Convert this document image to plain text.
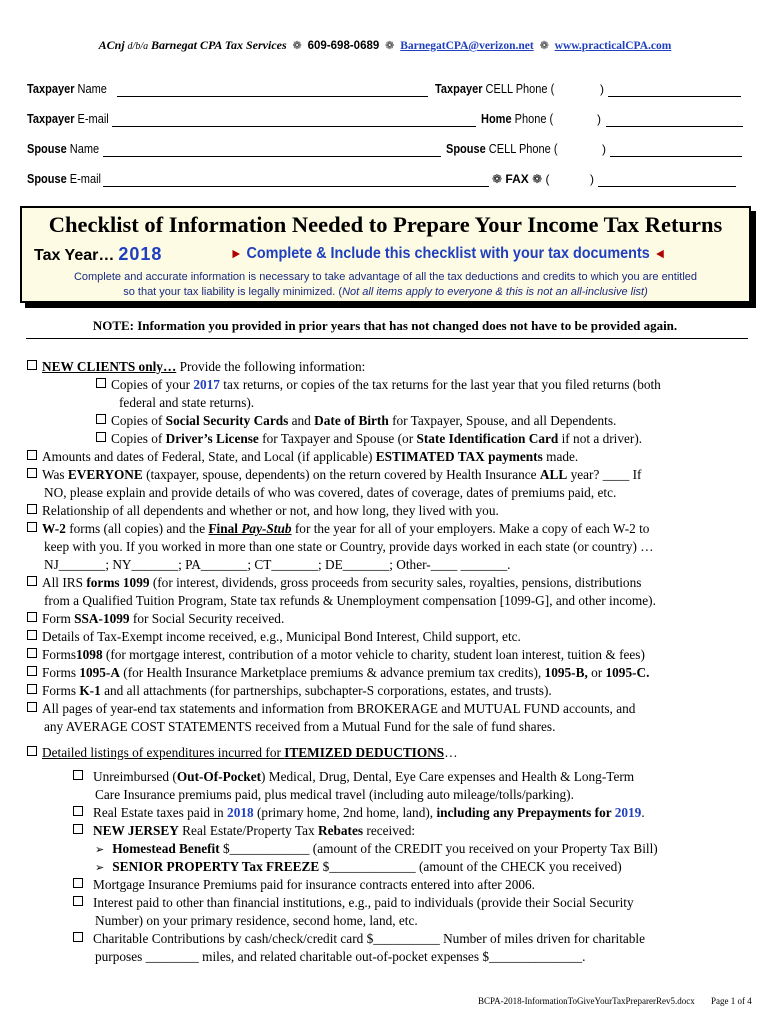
ACnj d/b/a Barnegat CPA Tax Services ❁ 609-698-0689 ❁ BarnegatCPA@verizon.net ❁ www.practicalCPA.com
Taxpayer Name	Taxpayer CELL Phone (	)
Taxpayer E-mail	Home Phone (	)
Spouse Name	Spouse CELL Phone (	)
Spouse E-mail	❁ FAX ❁ (	)
Checklist of Information Needed to Prepare Your Income Tax Returns
Tax Year… 2018	► Complete & Include this checklist with your tax documents ◄
Complete and accurate information is necessary to take advantage of all the tax deductions and credits to which you are entitled
so that your tax liability is legally minimized. (Not all items apply to everyone & this is not an all-inclusive list)
NOTE: Information you provided in prior years that has not changed does not have to be provided again.
NEW CLIENTS only… Provide the following information:
Copies of your 2017 tax returns, or copies of the tax returns for the last year that you filed returns (both
federal and state returns).
Copies of Social Security Cards and Date of Birth for Taxpayer, Spouse, and all Dependents.
Copies of Driver’s License for Taxpayer and Spouse (or State Identification Card if not a driver).
Amounts and dates of Federal, State, and Local (if applicable) ESTIMATED TAX payments made.
Was EVERYONE (taxpayer, spouse, dependents) on the return covered by Health Insurance ALL year? ____ If
NO, please explain and provide details of who was covered, dates of coverage, dates of premiums paid, etc.
Relationship of all dependents and whether or not, and how long, they lived with you.
W-2 forms (all copies) and the Final Pay-Stub for the year for all of your employers. Make a copy of each W-2 to
keep with you. If you worked in more than one state or Country, provide days worked in each state (or country) …
NJ_______; NY_______; PA_______; CT_______; DE_______; Other-____ _______.
All IRS forms 1099 (for interest, dividends, gross proceeds from security sales, royalties, pensions, distributions
from a Qualified Tuition Program, State tax refunds & Unemployment compensation [1099-G], and other income).
Form SSA-1099 for Social Security received.
Details of Tax-Exempt income received, e.g., Municipal Bond Interest, Child support, etc.
Forms1098 (for mortgage interest, contribution of a motor vehicle to charity, student loan interest, tuition & fees)
Forms 1095-A (for Health Insurance Marketplace premiums & advance premium tax credits), 1095-B, or 1095-C.
Forms K-1 and all attachments (for partnerships, subchapter-S corporations, estates, and trusts).
All pages of year-end tax statements and information from BROKERAGE and MUTUAL FUND accounts, and
any AVERAGE COST STATEMENTS received from a Mutual Fund for the sale of fund shares.
Detailed listings of expenditures incurred for ITEMIZED DEDUCTIONS…
Unreimbursed (Out-Of-Pocket) Medical, Drug, Dental, Eye Care expenses and Health & Long-Term
Care Insurance premiums paid, plus medical travel (including auto mileage/tolls/parking).
Real Estate taxes paid in 2018 (primary home, 2nd home, land), including any Prepayments for 2019.
NEW JERSEY Real Estate/Property Tax Rebates received:
➢ Homestead Benefit $____________ (amount of the CREDIT you received on your Property Tax Bill)
➢ SENIOR PROPERTY Tax FREEZE $_____________ (amount of the CHECK you received)
Mortgage Insurance Premiums paid for insurance contracts entered into after 2006.
Interest paid to other than financial institutions, e.g., paid to individuals (provide their Social Security
Number) on your primary residence, second home, land, etc.
Charitable Contributions by cash/check/credit card $__________ Number of miles driven for charitable
purposes ________ miles, and related charitable out-of-pocket expenses $______________.
BCPA-2018-InformationToGiveYourTaxPreparerRev5.docx Page 1 of 4
